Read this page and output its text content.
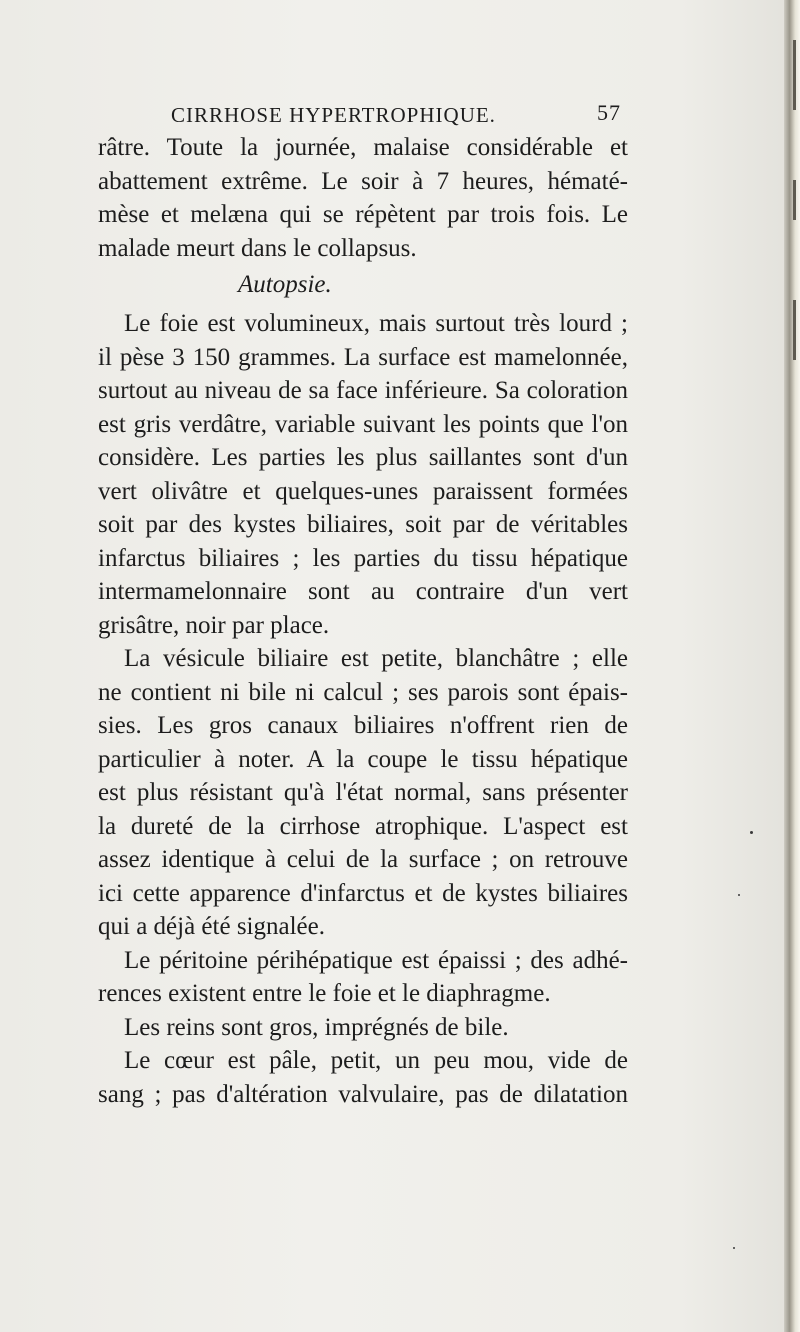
CIRRHOSE HYPERTROPHIQUE.	57
râtre. Toute la journée, malaise considérable et
abattement extrême. Le soir à 7 heures, hématé-
mèse et melæna qui se répètent par trois fois. Le
malade meurt dans le collapsus.
Autopsie.
Le foie est volumineux, mais surtout très lourd ;
il pèse 3 150 grammes. La surface est mamelonnée,
surtout au niveau de sa face inférieure. Sa coloration
est gris verdâtre, variable suivant les points que l'on
considère. Les parties les plus saillantes sont d'un
vert olivâtre et quelques-unes paraissent formées
soit par des kystes biliaires, soit par de véritables
infarctus biliaires ; les parties du tissu hépatique
intermamelonnaire sont au contraire d'un vert
grisâtre, noir par place.
La vésicule biliaire est petite, blanchâtre ; elle
ne contient ni bile ni calcul ; ses parois sont épais-
sies. Les gros canaux biliaires n'offrent rien de
particulier à noter. A la coupe le tissu hépatique
est plus résistant qu'à l'état normal, sans présenter
la dureté de la cirrhose atrophique. L'aspect est
assez identique à celui de la surface ; on retrouve
ici cette apparence d'infarctus et de kystes biliaires
qui a déjà été signalée.
Le péritoine périhépatique est épaissi ; des adhé-
rences existent entre le foie et le diaphragme.
Les reins sont gros, imprégnés de bile.
Le cœur est pâle, petit, un peu mou, vide de
sang ; pas d'altération valvulaire, pas de dilatation
